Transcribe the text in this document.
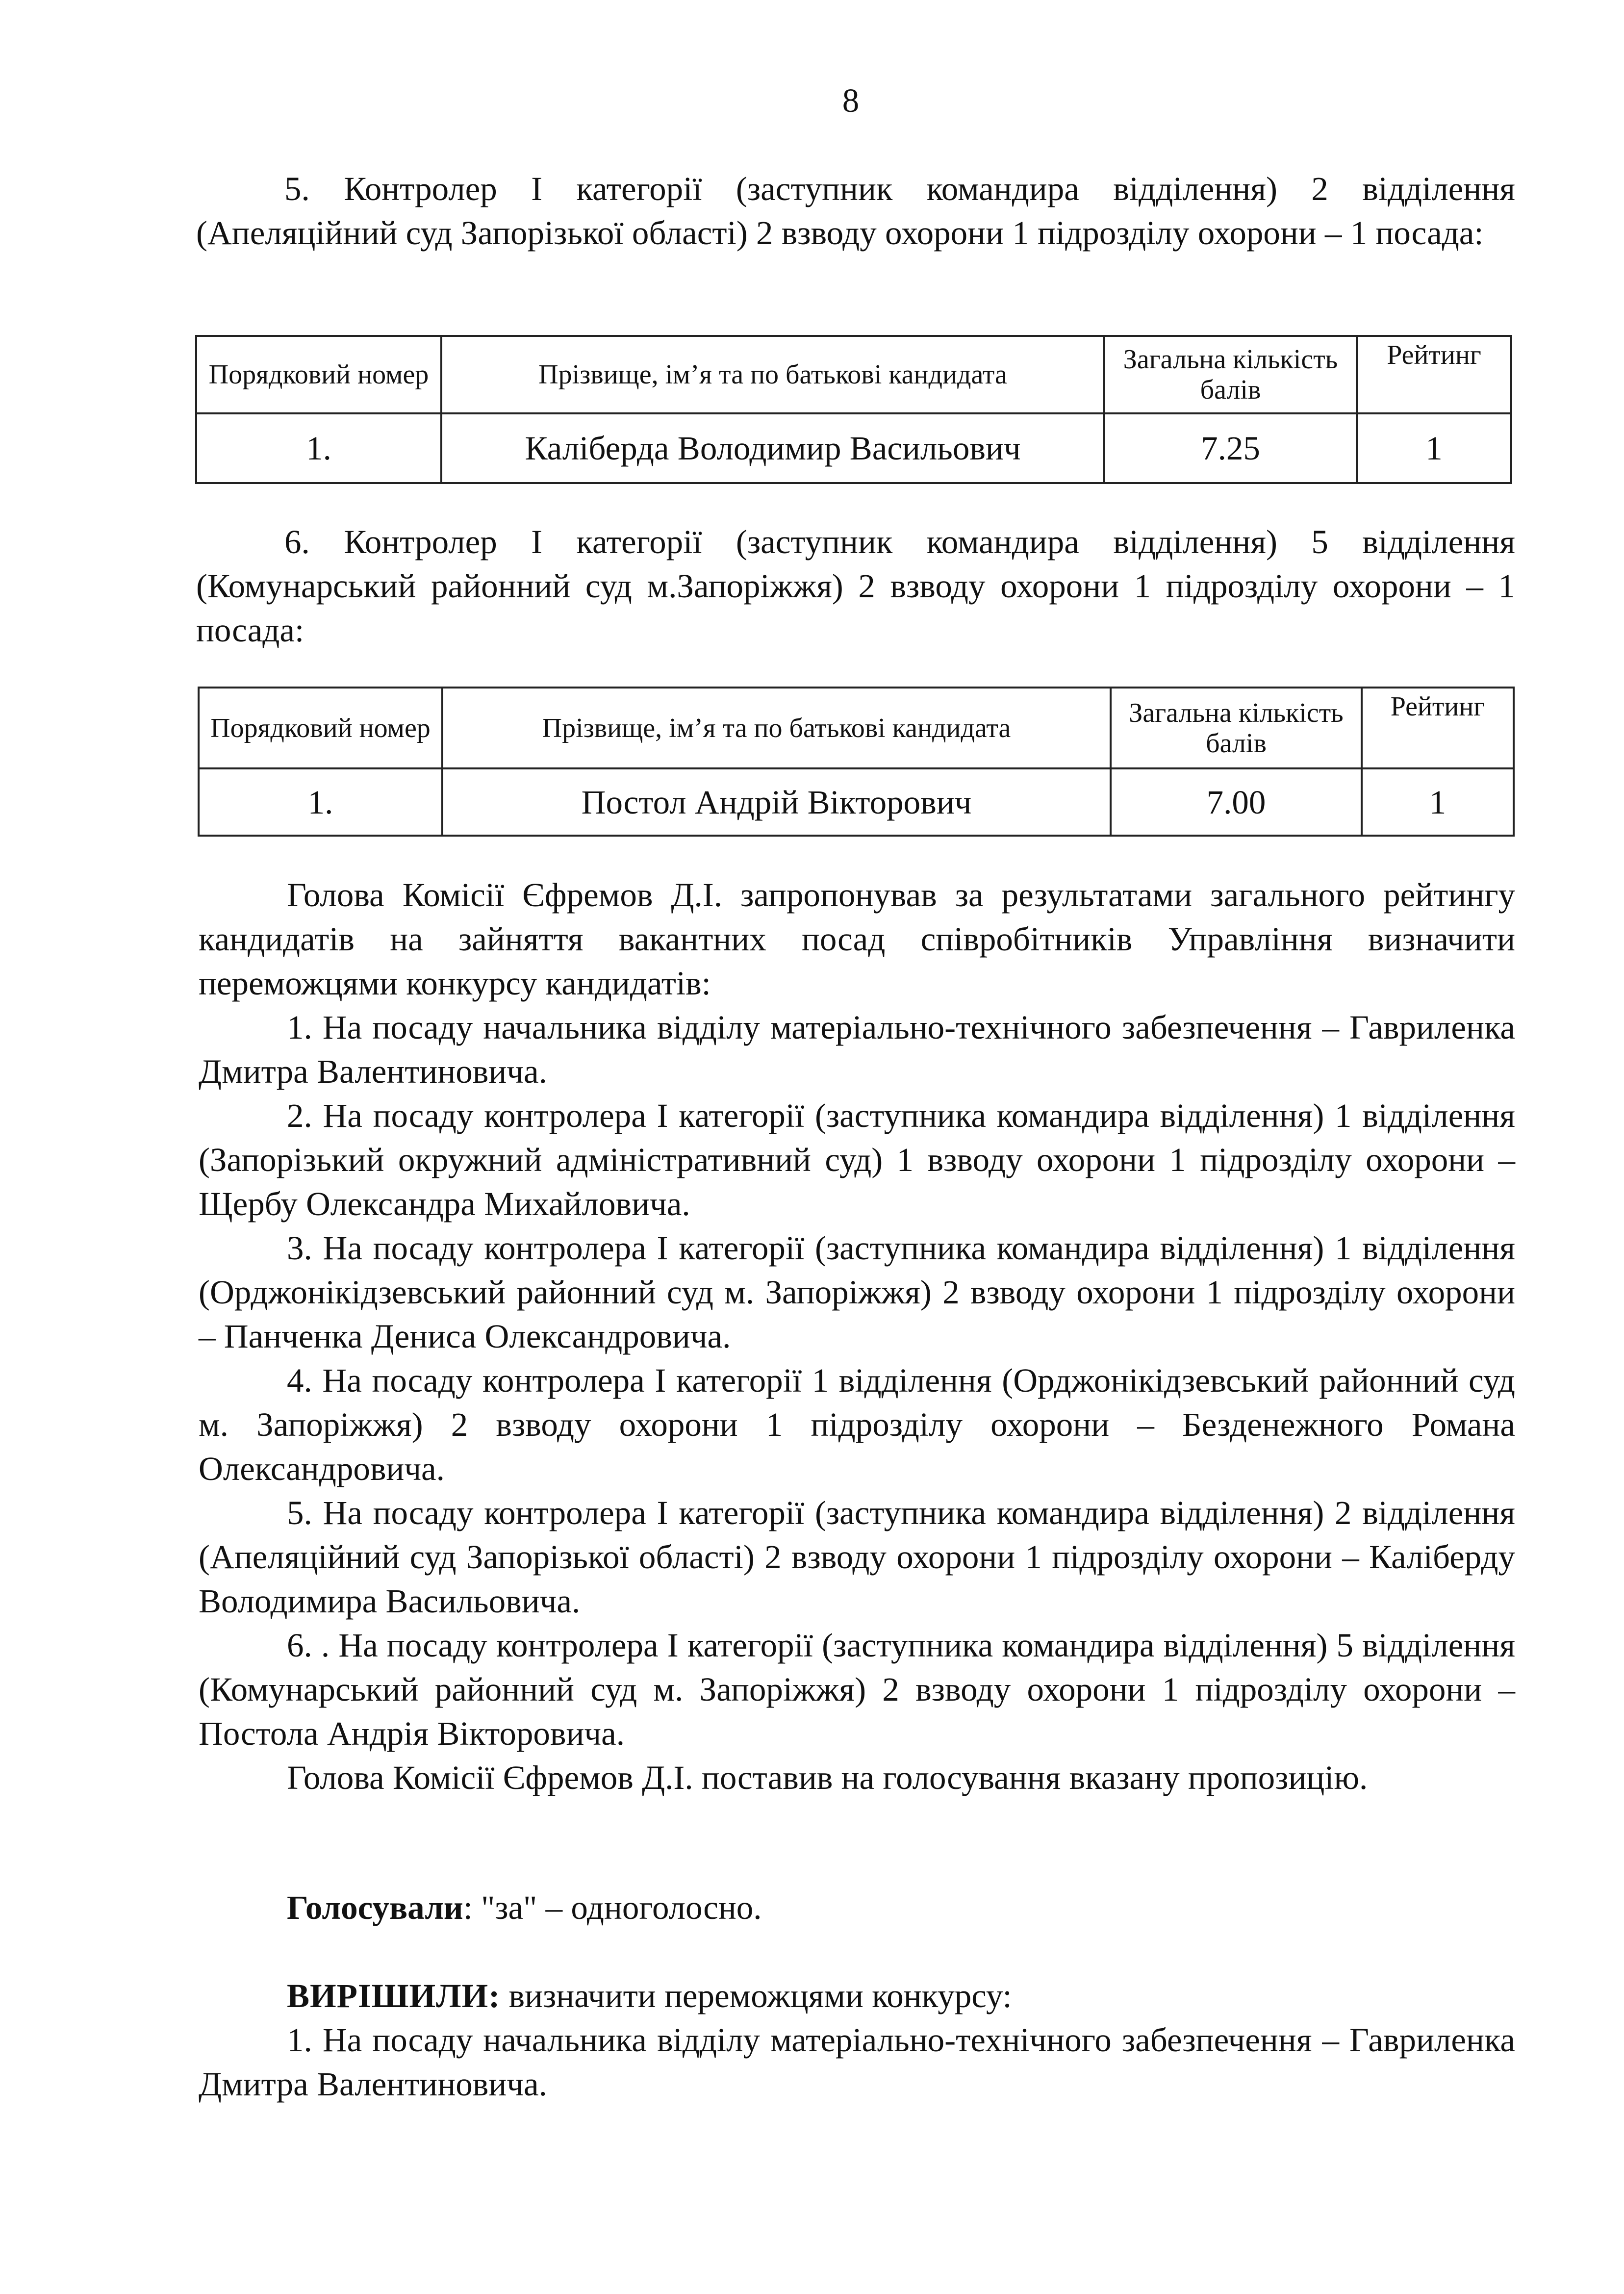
8

5. Контролер І категорії (заступник командира відділення) 2 відділення (Апеляційний суд Запорізької області) 2 взводу охорони 1 підрозділу охорони – 1 посада:

Порядковий номер	Прізвище, ім’я та по батькові кандидата	Загальна кількість балів	Рейтинг
1.	Каліберда Володимир Васильович	7.25	1

6. Контролер І категорії (заступник командира відділення) 5 відділення (Комунарський районний суд м.Запоріжжя) 2 взводу охорони 1 підрозділу охорони – 1 посада:

Порядковий номер	Прізвище, ім’я та по батькові кандидата	Загальна кількість балів	Рейтинг
1.	Постол Андрій Вікторович	7.00	1

Голова Комісії Єфремов Д.І. запропонував за результатами загального рейтингу кандидатів на зайняття вакантних посад співробітників Управління визначити переможцями конкурсу кандидатів:

1. На посаду начальника відділу матеріально-технічного забезпечення – Гавриленка Дмитра Валентиновича.

2. На посаду контролера І категорії (заступника командира відділення) 1 відділення (Запорізький окружний адміністративний суд) 1 взводу охорони 1 підрозділу охорони – Щербу Олександра Михайловича.

3. На посаду контролера І категорії (заступника командира відділення) 1 відділення (Орджонікідзевський районний суд м. Запоріжжя) 2 взводу охорони 1 підрозділу охорони – Панченка Дениса Олександровича.

4. На посаду контролера І категорії 1 відділення (Орджонікідзевський районний суд м. Запоріжжя) 2 взводу охорони 1 підрозділу охорони – Безденежного Романа Олександровича.

5. На посаду контролера І категорії (заступника командира відділення) 2 відділення (Апеляційний суд Запорізької області) 2 взводу охорони 1 підрозділу охорони – Каліберду Володимира Васильовича.

6. . На посаду контролера І категорії (заступника командира відділення) 5 відділення (Комунарський районний суд м. Запоріжжя) 2 взводу охорони 1 підрозділу охорони – Постола Андрія Вікторовича.

Голова Комісії Єфремов Д.І. поставив на голосування вказану пропозицію.

Голосували: "за" – одноголосно.

ВИРІШИЛИ: визначити переможцями конкурсу:

1. На посаду начальника відділу матеріально-технічного забезпечення – Гавриленка Дмитра Валентиновича.
